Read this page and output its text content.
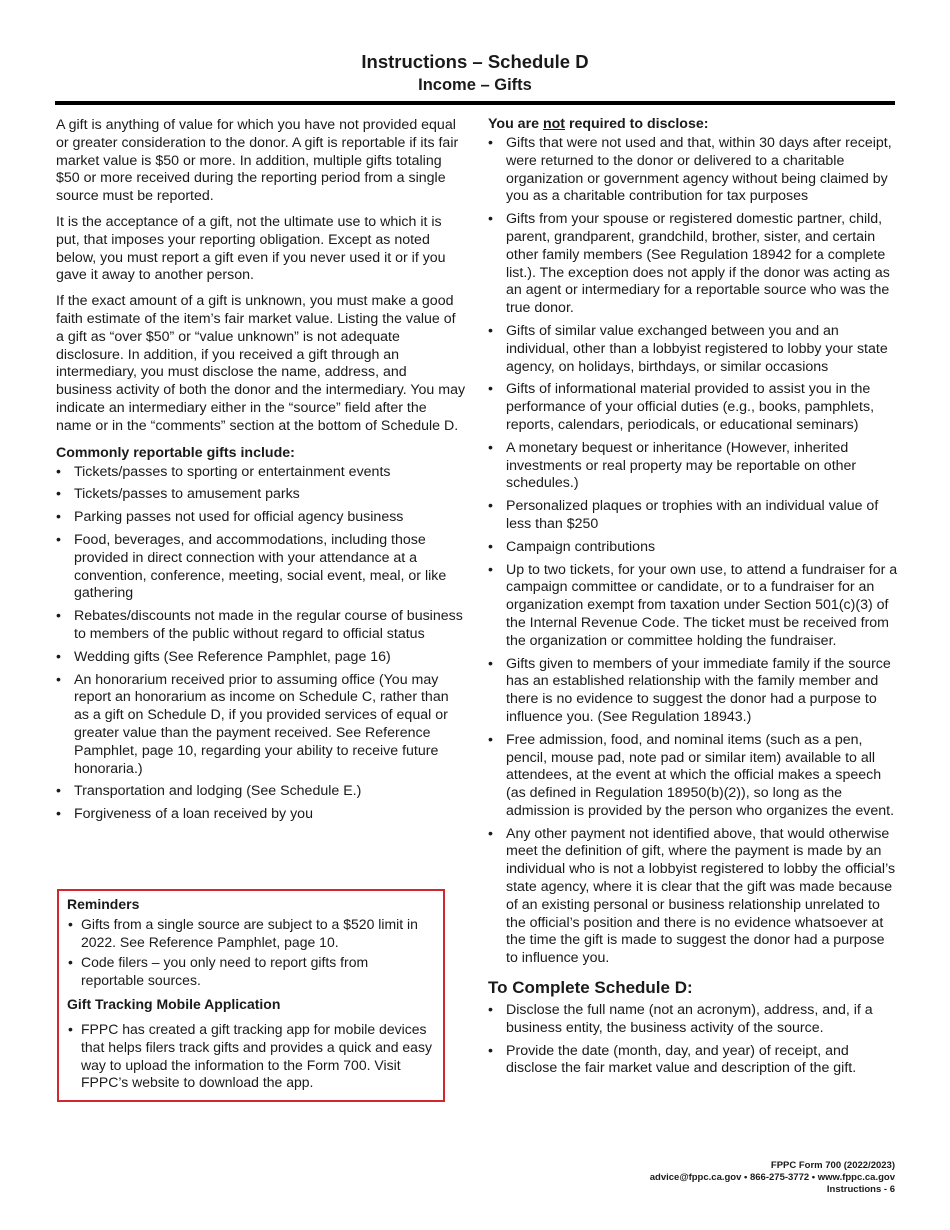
Instructions – Schedule D
Income – Gifts

A gift is anything of value for which you have not provided equal or greater consideration to the donor. A gift is reportable if its fair market value is $50 or more. In addition, multiple gifts totaling $50 or more received during the reporting period from a single source must be reported.

It is the acceptance of a gift, not the ultimate use to which it is put, that imposes your reporting obligation. Except as noted below, you must report a gift even if you never used it or if you gave it away to another person.

If the exact amount of a gift is unknown, you must make a good faith estimate of the item’s fair market value. Listing the value of a gift as “over $50” or “value unknown” is not adequate disclosure. In addition, if you received a gift through an intermediary, you must disclose the name, address, and business activity of both the donor and the intermediary. You may indicate an intermediary either in the “source” field after the name or in the “comments” section at the bottom of Schedule D.

Commonly reportable gifts include:
• Tickets/passes to sporting or entertainment events
• Tickets/passes to amusement parks
• Parking passes not used for official agency business
• Food, beverages, and accommodations, including those provided in direct connection with your attendance at a convention, conference, meeting, social event, meal, or like gathering
• Rebates/discounts not made in the regular course of business to members of the public without regard to official status
• Wedding gifts (See Reference Pamphlet, page 16)
• An honorarium received prior to assuming office (You may report an honorarium as income on Schedule C, rather than as a gift on Schedule D, if you provided services of equal or greater value than the payment received. See Reference Pamphlet, page 10, regarding your ability to receive future honoraria.)
• Transportation and lodging (See Schedule E.)
• Forgiveness of a loan received by you
Reminders
• Gifts from a single source are subject to a $520 limit in 2022. See Reference Pamphlet, page 10.
• Code filers – you only need to report gifts from reportable sources.
Gift Tracking Mobile Application
• FPPC has created a gift tracking app for mobile devices that helps filers track gifts and provides a quick and easy way to upload the information to the Form 700. Visit FPPC’s website to download the app.
You are not required to disclose:
• Gifts that were not used and that, within 30 days after receipt, were returned to the donor or delivered to a charitable organization or government agency without being claimed by you as a charitable contribution for tax purposes
• Gifts from your spouse or registered domestic partner, child, parent, grandparent, grandchild, brother, sister, and certain other family members (See Regulation 18942 for a complete list.). The exception does not apply if the donor was acting as an agent or intermediary for a reportable source who was the true donor.
• Gifts of similar value exchanged between you and an individual, other than a lobbyist registered to lobby your state agency, on holidays, birthdays, or similar occasions
• Gifts of informational material provided to assist you in the performance of your official duties (e.g., books, pamphlets, reports, calendars, periodicals, or educational seminars)
• A monetary bequest or inheritance (However, inherited investments or real property may be reportable on other schedules.)
• Personalized plaques or trophies with an individual value of less than $250
• Campaign contributions
• Up to two tickets, for your own use, to attend a fundraiser for a campaign committee or candidate, or to a fundraiser for an organization exempt from taxation under Section 501(c)(3) of the Internal Revenue Code. The ticket must be received from the organization or committee holding the fundraiser.
• Gifts given to members of your immediate family if the source has an established relationship with the family member and there is no evidence to suggest the donor had a purpose to influence you. (See Regulation 18943.)
• Free admission, food, and nominal items (such as a pen, pencil, mouse pad, note pad or similar item) available to all attendees, at the event at which the official makes a speech (as defined in Regulation 18950(b)(2)), so long as the admission is provided by the person who organizes the event.
• Any other payment not identified above, that would otherwise meet the definition of gift, where the payment is made by an individual who is not a lobbyist registered to lobby the official’s state agency, where it is clear that the gift was made because of an existing personal or business relationship unrelated to the official’s position and there is no evidence whatsoever at the time the gift is made to suggest the donor had a purpose to influence you.
To Complete Schedule D:
• Disclose the full name (not an acronym), address, and, if a business entity, the business activity of the source.
• Provide the date (month, day, and year) of receipt, and disclose the fair market value and description of the gift.
FPPC Form 700 (2022/2023)
advice@fppc.ca.gov • 866-275-3772 • www.fppc.ca.gov
Instructions - 6
